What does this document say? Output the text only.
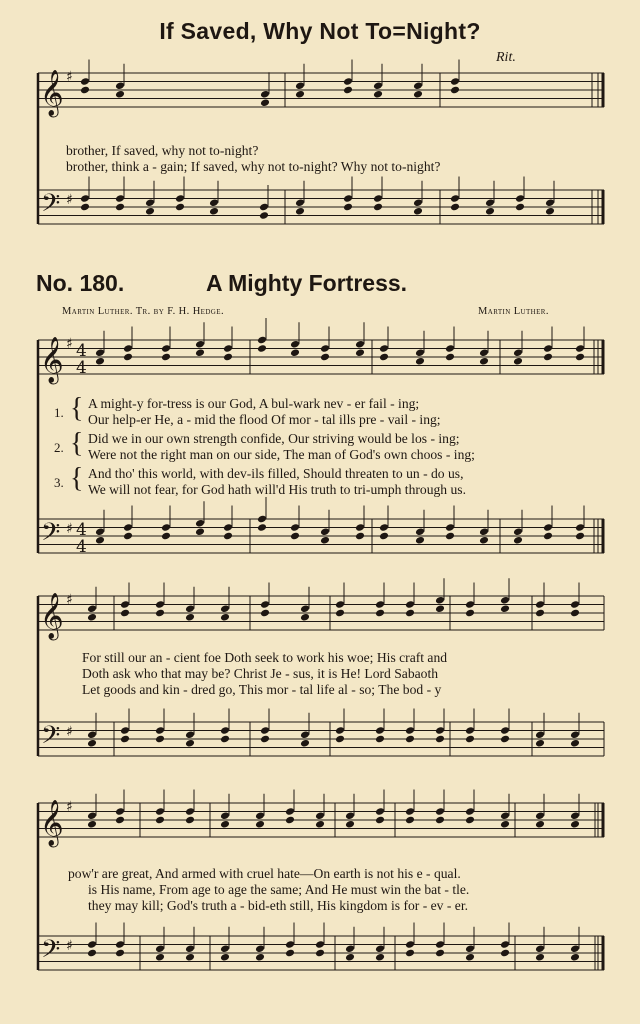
If Saved, Why Not To=Night?
Rit.
No. 180.	A Mighty Fortress.
Martin Luther. Tr. by F. H. Hedge.	Martin Luther.
brother, If saved, why not to-night?
brother, think a - gain; If saved, why not to-night? Why not to-night?
1.
2.
3.
{
{
{
A might-y for-tress is our God, A bul-wark nev - er fail - ing;
Our help-er He, a - mid the flood Of mor - tal ills pre - vail - ing;
Did we in our own strength confide, Our striving would be los - ing;
Were not the right man on our side, The man of God's own choos - ing;
And tho' this world, with dev-ils filled, Should threaten to un - do us,
We will not fear, for God hath will'd His truth to tri-umph through us.
For still our an - cient foe Doth seek to work his woe; His craft and
Doth ask who that may be? Christ Je - sus, it is He! Lord Sabaoth
Let goods and kin - dred go, This mor - tal life al - so; The bod - y
pow'r are great, And armed with cruel hate—On earth is not his e - qual.
is His name, From age to age the same; And He must win the bat - tle.
they may kill; God's truth a - bid-eth still, His kingdom is for - ev - er.
𝄞 ♯
𝄢 ♯
𝄞 ♯ 4
4
𝄢 ♯ 4
4
𝄞 ♯
𝄢 ♯
𝄞 ♯
𝄢 ♯
